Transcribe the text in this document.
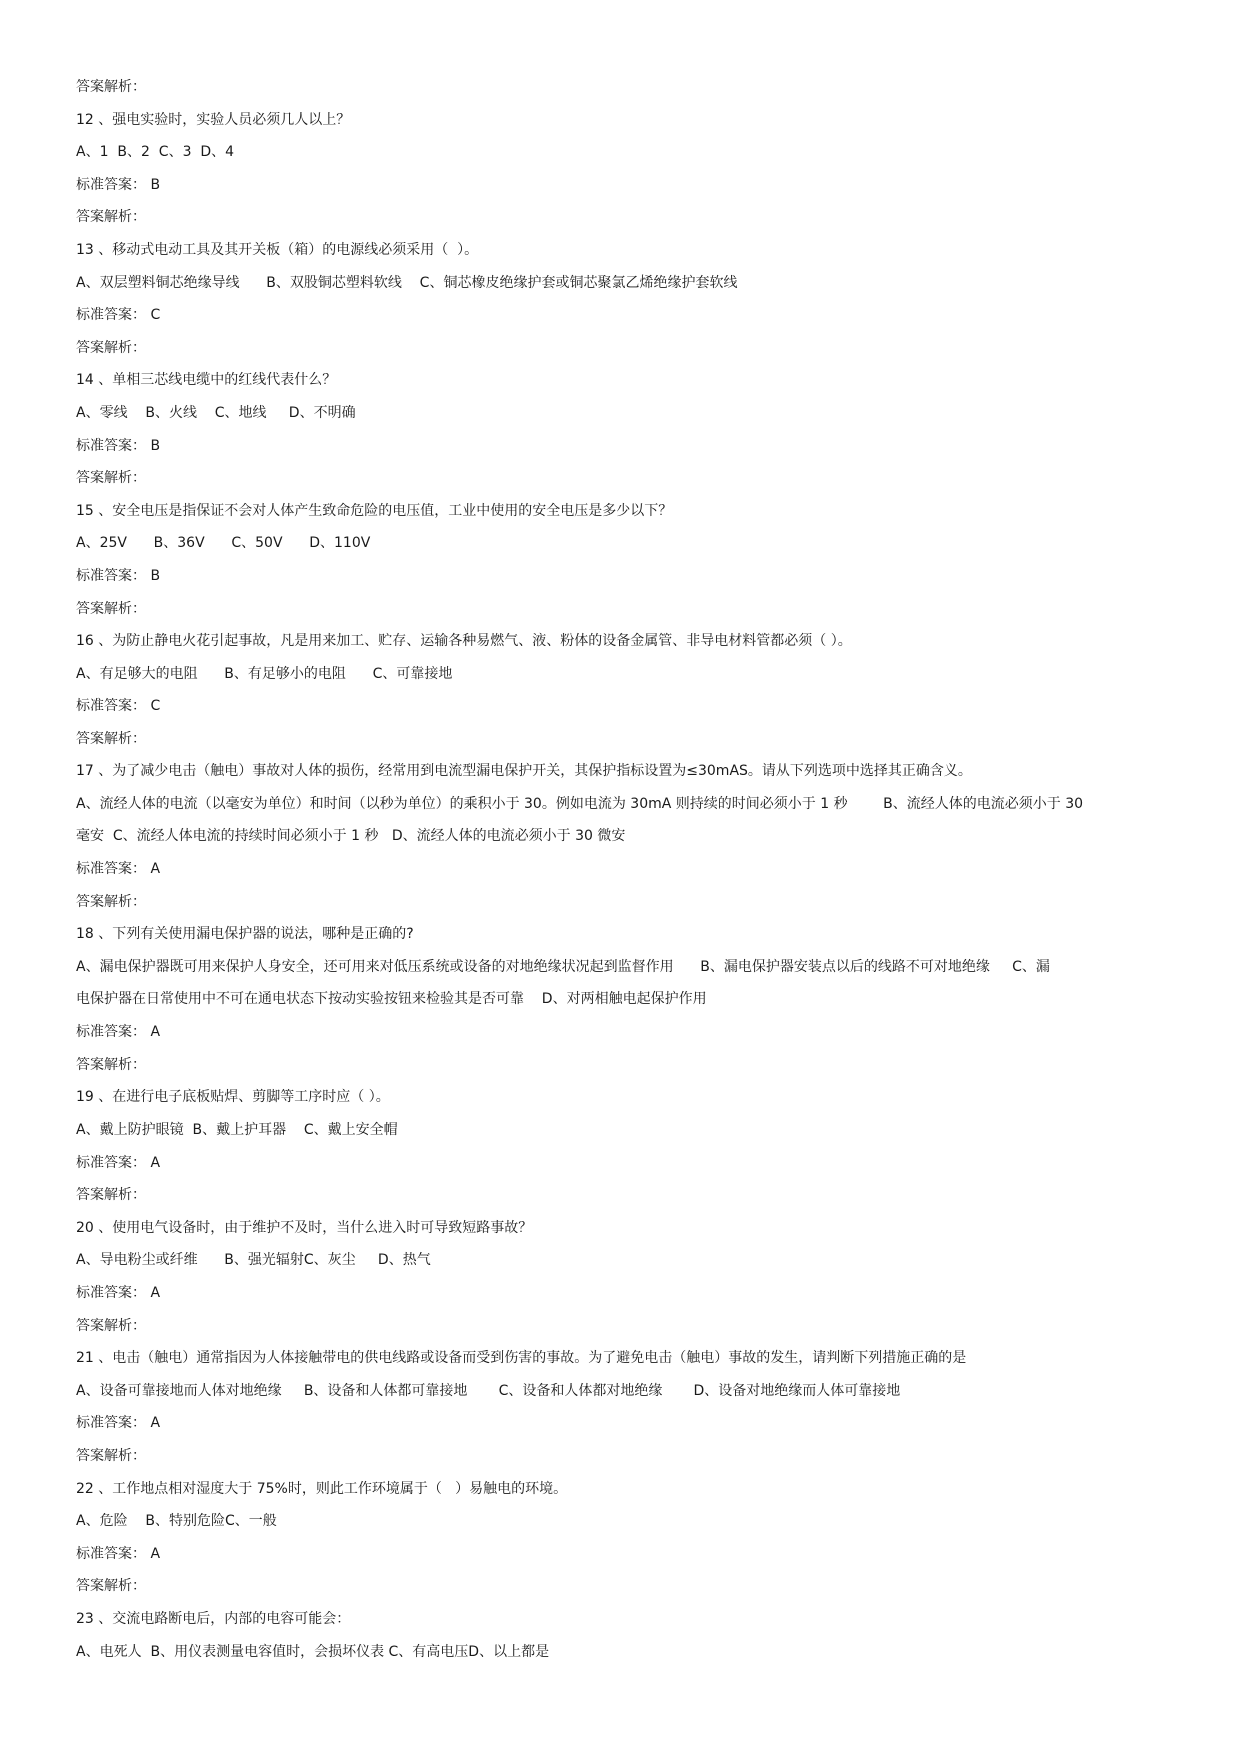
答案解析：
12 、强电实验时，实验人员必须几人以上？
A、1  B、2  C、3  D、4
标准答案： B
答案解析：
13 、移动式电动工具及其开关板（箱）的电源线必须采用（  ）。
A、双层塑料铜芯绝缘导线      B、双股铜芯塑料软线    C、铜芯橡皮绝缘护套或铜芯聚氯乙烯绝缘护套软线
标准答案： C
答案解析：
14 、单相三芯线电缆中的红线代表什么？
A、零线    B、火线    C、地线     D、不明确
标准答案： B
答案解析：
15 、安全电压是指保证不会对人体产生致命危险的电压值，工业中使用的安全电压是多少以下？
A、25V      B、36V      C、50V      D、110V
标准答案： B
答案解析：
16 、为防止静电火花引起事故，凡是用来加工、贮存、运输各种易燃气、液、粉体的设备金属管、非导电材料管都必须（ ）。
A、有足够大的电阻      B、有足够小的电阻      C、可靠接地
标准答案： C
答案解析：
17 、为了减少电击（触电）事故对人体的损伤，经常用到电流型漏电保护开关，其保护指标设置为≤30mAS。请从下列选项中选择其正确含义。
A、流经人体的电流（以毫安为单位）和时间（以秒为单位）的乘积小于 30。例如电流为 30mA 则持续的时间必须小于 1 秒        B、流经人体的电流必须小于 30
毫安  C、流经人体电流的持续时间必须小于 1 秒   D、流经人体的电流必须小于 30 微安
标准答案： A
答案解析：
18 、下列有关使用漏电保护器的说法，哪种是正确的?
A、漏电保护器既可用来保护人身安全，还可用来对低压系统或设备的对地绝缘状况起到监督作用      B、漏电保护器安装点以后的线路不可对地绝缘     C、漏
电保护器在日常使用中不可在通电状态下按动实验按钮来检验其是否可靠    D、对两相触电起保护作用
标准答案： A
答案解析：
19 、在进行电子底板贴焊、剪脚等工序时应（ ）。
A、戴上防护眼镜  B、戴上护耳器    C、戴上安全帽
标准答案： A
答案解析：
20 、使用电气设备时，由于维护不及时，当什么进入时可导致短路事故？
A、导电粉尘或纤维      B、强光辐射C、灰尘     D、热气
标准答案： A
答案解析：
21 、电击（触电）通常指因为人体接触带电的供电线路或设备而受到伤害的事故。为了避免电击（触电）事故的发生，请判断下列措施正确的是
A、设备可靠接地而人体对地绝缘     B、设备和人体都可靠接地       C、设备和人体都对地绝缘       D、设备对地绝缘而人体可靠接地
标准答案： A
答案解析：
22 、工作地点相对湿度大于 75%时，则此工作环境属于（   ）易触电的环境。
A、危险    B、特别危险C、一般
标准答案： A
答案解析：
23 、交流电路断电后，内部的电容可能会：
A、电死人  B、用仪表测量电容值时，会损坏仪表 C、有高电压D、以上都是
